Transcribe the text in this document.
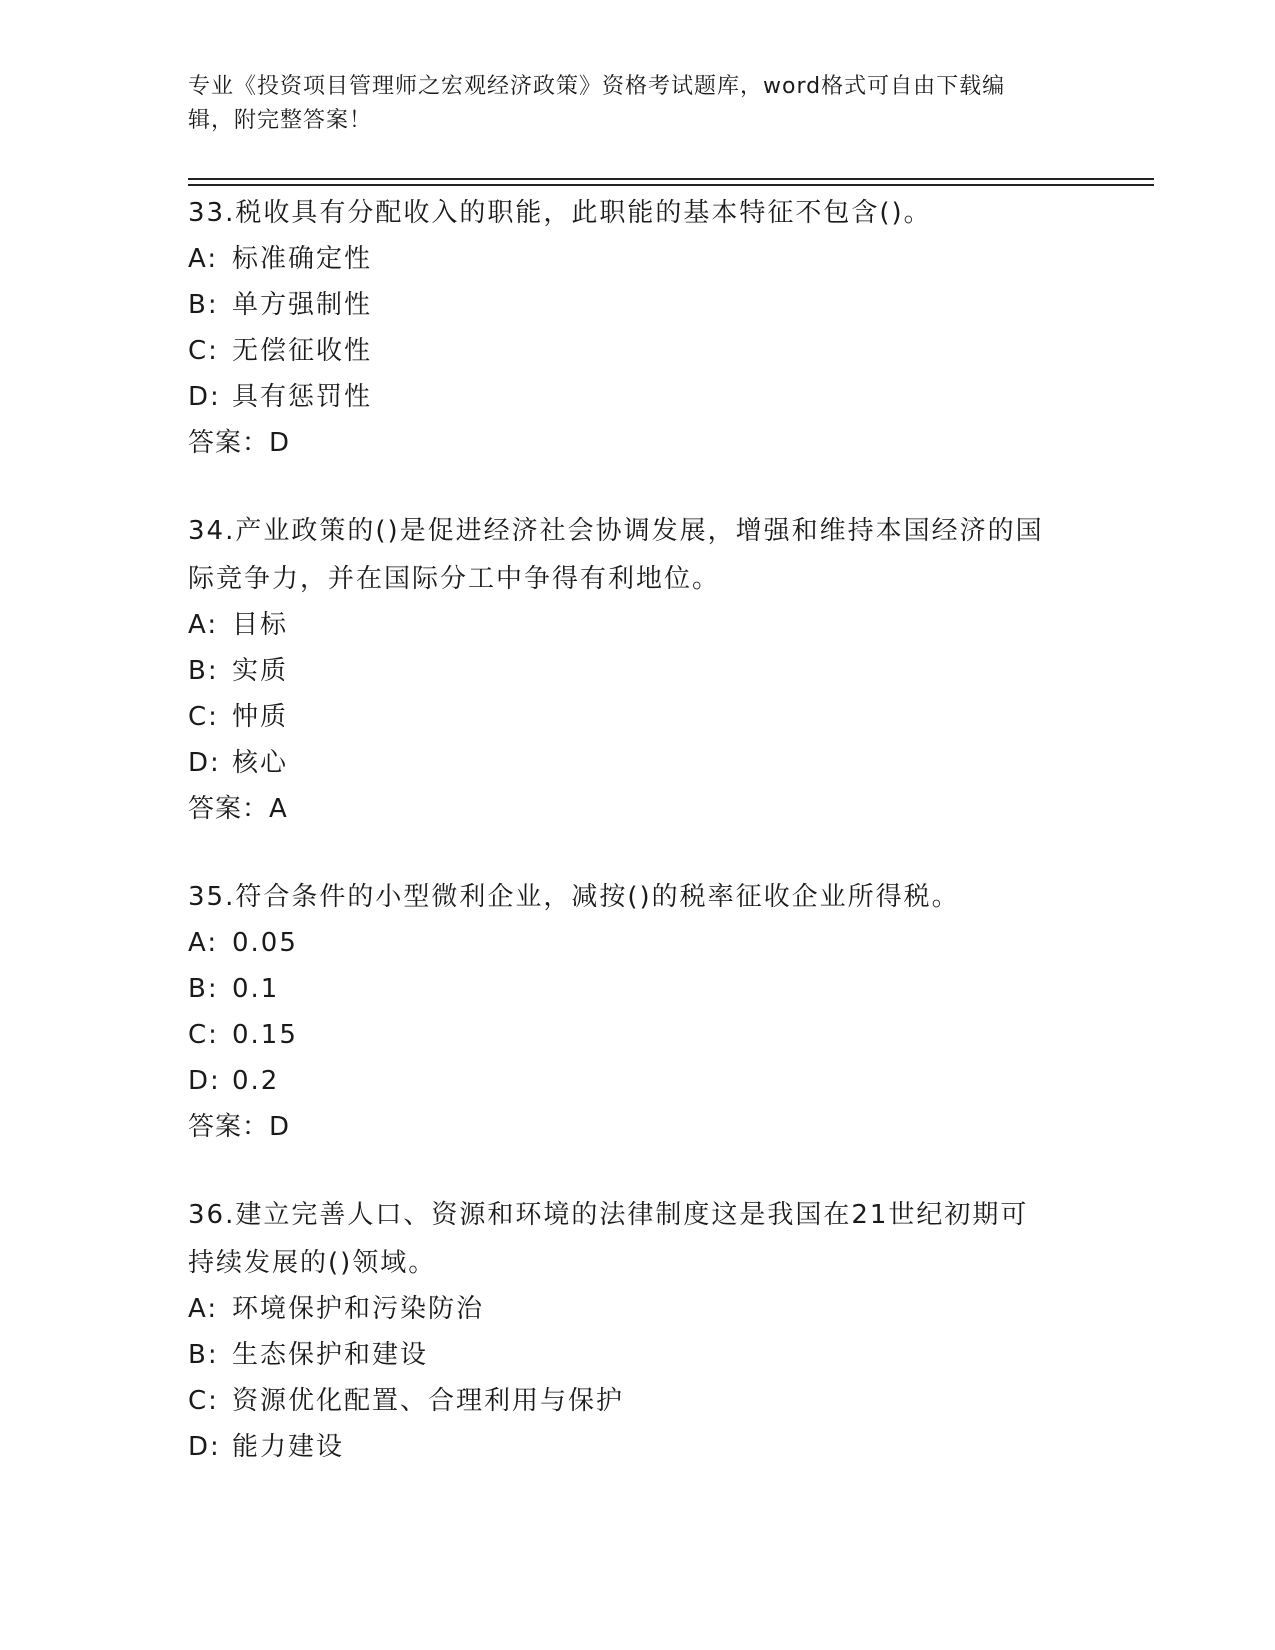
专业《投资项目管理师之宏观经济政策》资格考试题库，word格式可自由下载编
辑，附完整答案！

33.税收具有分配收入的职能，此职能的基本特征不包含()。

A: 标准确定性

B: 单方强制性

C: 无偿征收性

D: 具有惩罚性

答案：D

34.产业政策的()是促进经济社会协调发展，增强和维持本国经济的国

际竞争力，并在国际分工中争得有利地位。

A: 目标

B: 实质

C: 忡质

D: 核心

答案：A

35.符合条件的小型微利企业，减按()的税率征收企业所得税。

A: 0.05

B: 0.1

C: 0.15

D: 0.2

答案：D

36.建立完善人口、资源和环境的法律制度这是我国在21世纪初期可

持续发展的()领域。

A: 环境保护和污染防治

B: 生态保护和建设

C: 资源优化配置、合理利用与保护

D: 能力建设
